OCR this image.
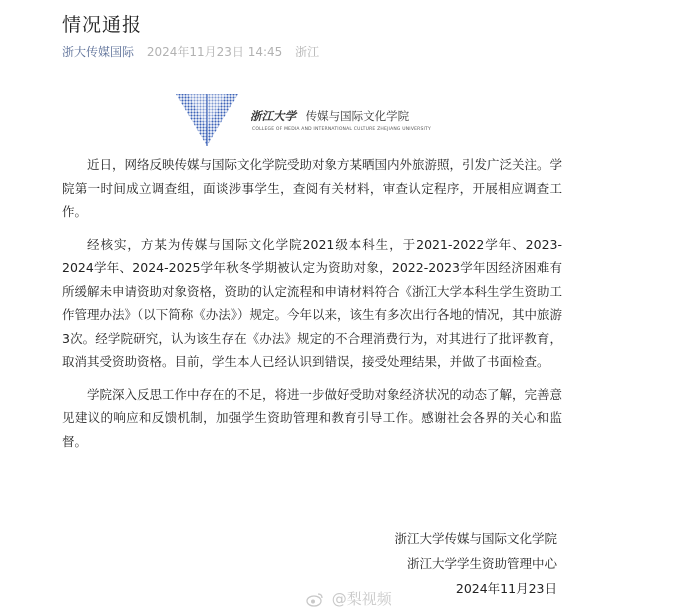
情况通报
浙大传媒国际 2024年11月23日 14:45 浙江
浙江大学 传媒与国际文化学院
COLLEGE OF MEDIA AND INTERNATIONAL CULTURE ZHEJIANG UNIVERSITY

近日，网络反映传媒与国际文化学院受助对象方某晒国内外旅游照，引发广泛关注。学院第一时间成立调查组，面谈涉事学生，查阅有关材料，审查认定程序，开展相应调查工作。

经核实，方某为传媒与国际文化学院2021级本科生，于2021-2022学年、2023-2024学年、2024-2025学年秋冬学期被认定为资助对象，2022-2023学年因经济困难有所缓解未申请资助对象资格，资助的认定流程和申请材料符合《浙江大学本科生学生资助工作管理办法》（以下简称《办法》）规定。今年以来，该生有多次出行各地的情况，其中旅游3次。经学院研究，认为该生存在《办法》规定的不合理消费行为，对其进行了批评教育，取消其受资助资格。目前，学生本人已经认识到错误，接受处理结果，并做了书面检查。

学院深入反思工作中存在的不足，将进一步做好受助对象经济状况的动态了解，完善意见建议的响应和反馈机制，加强学生资助管理和教育引导工作。感谢社会各界的关心和监督。

浙江大学传媒与国际文化学院
浙江大学学生资助管理中心
2024年11月23日
@梨视频
